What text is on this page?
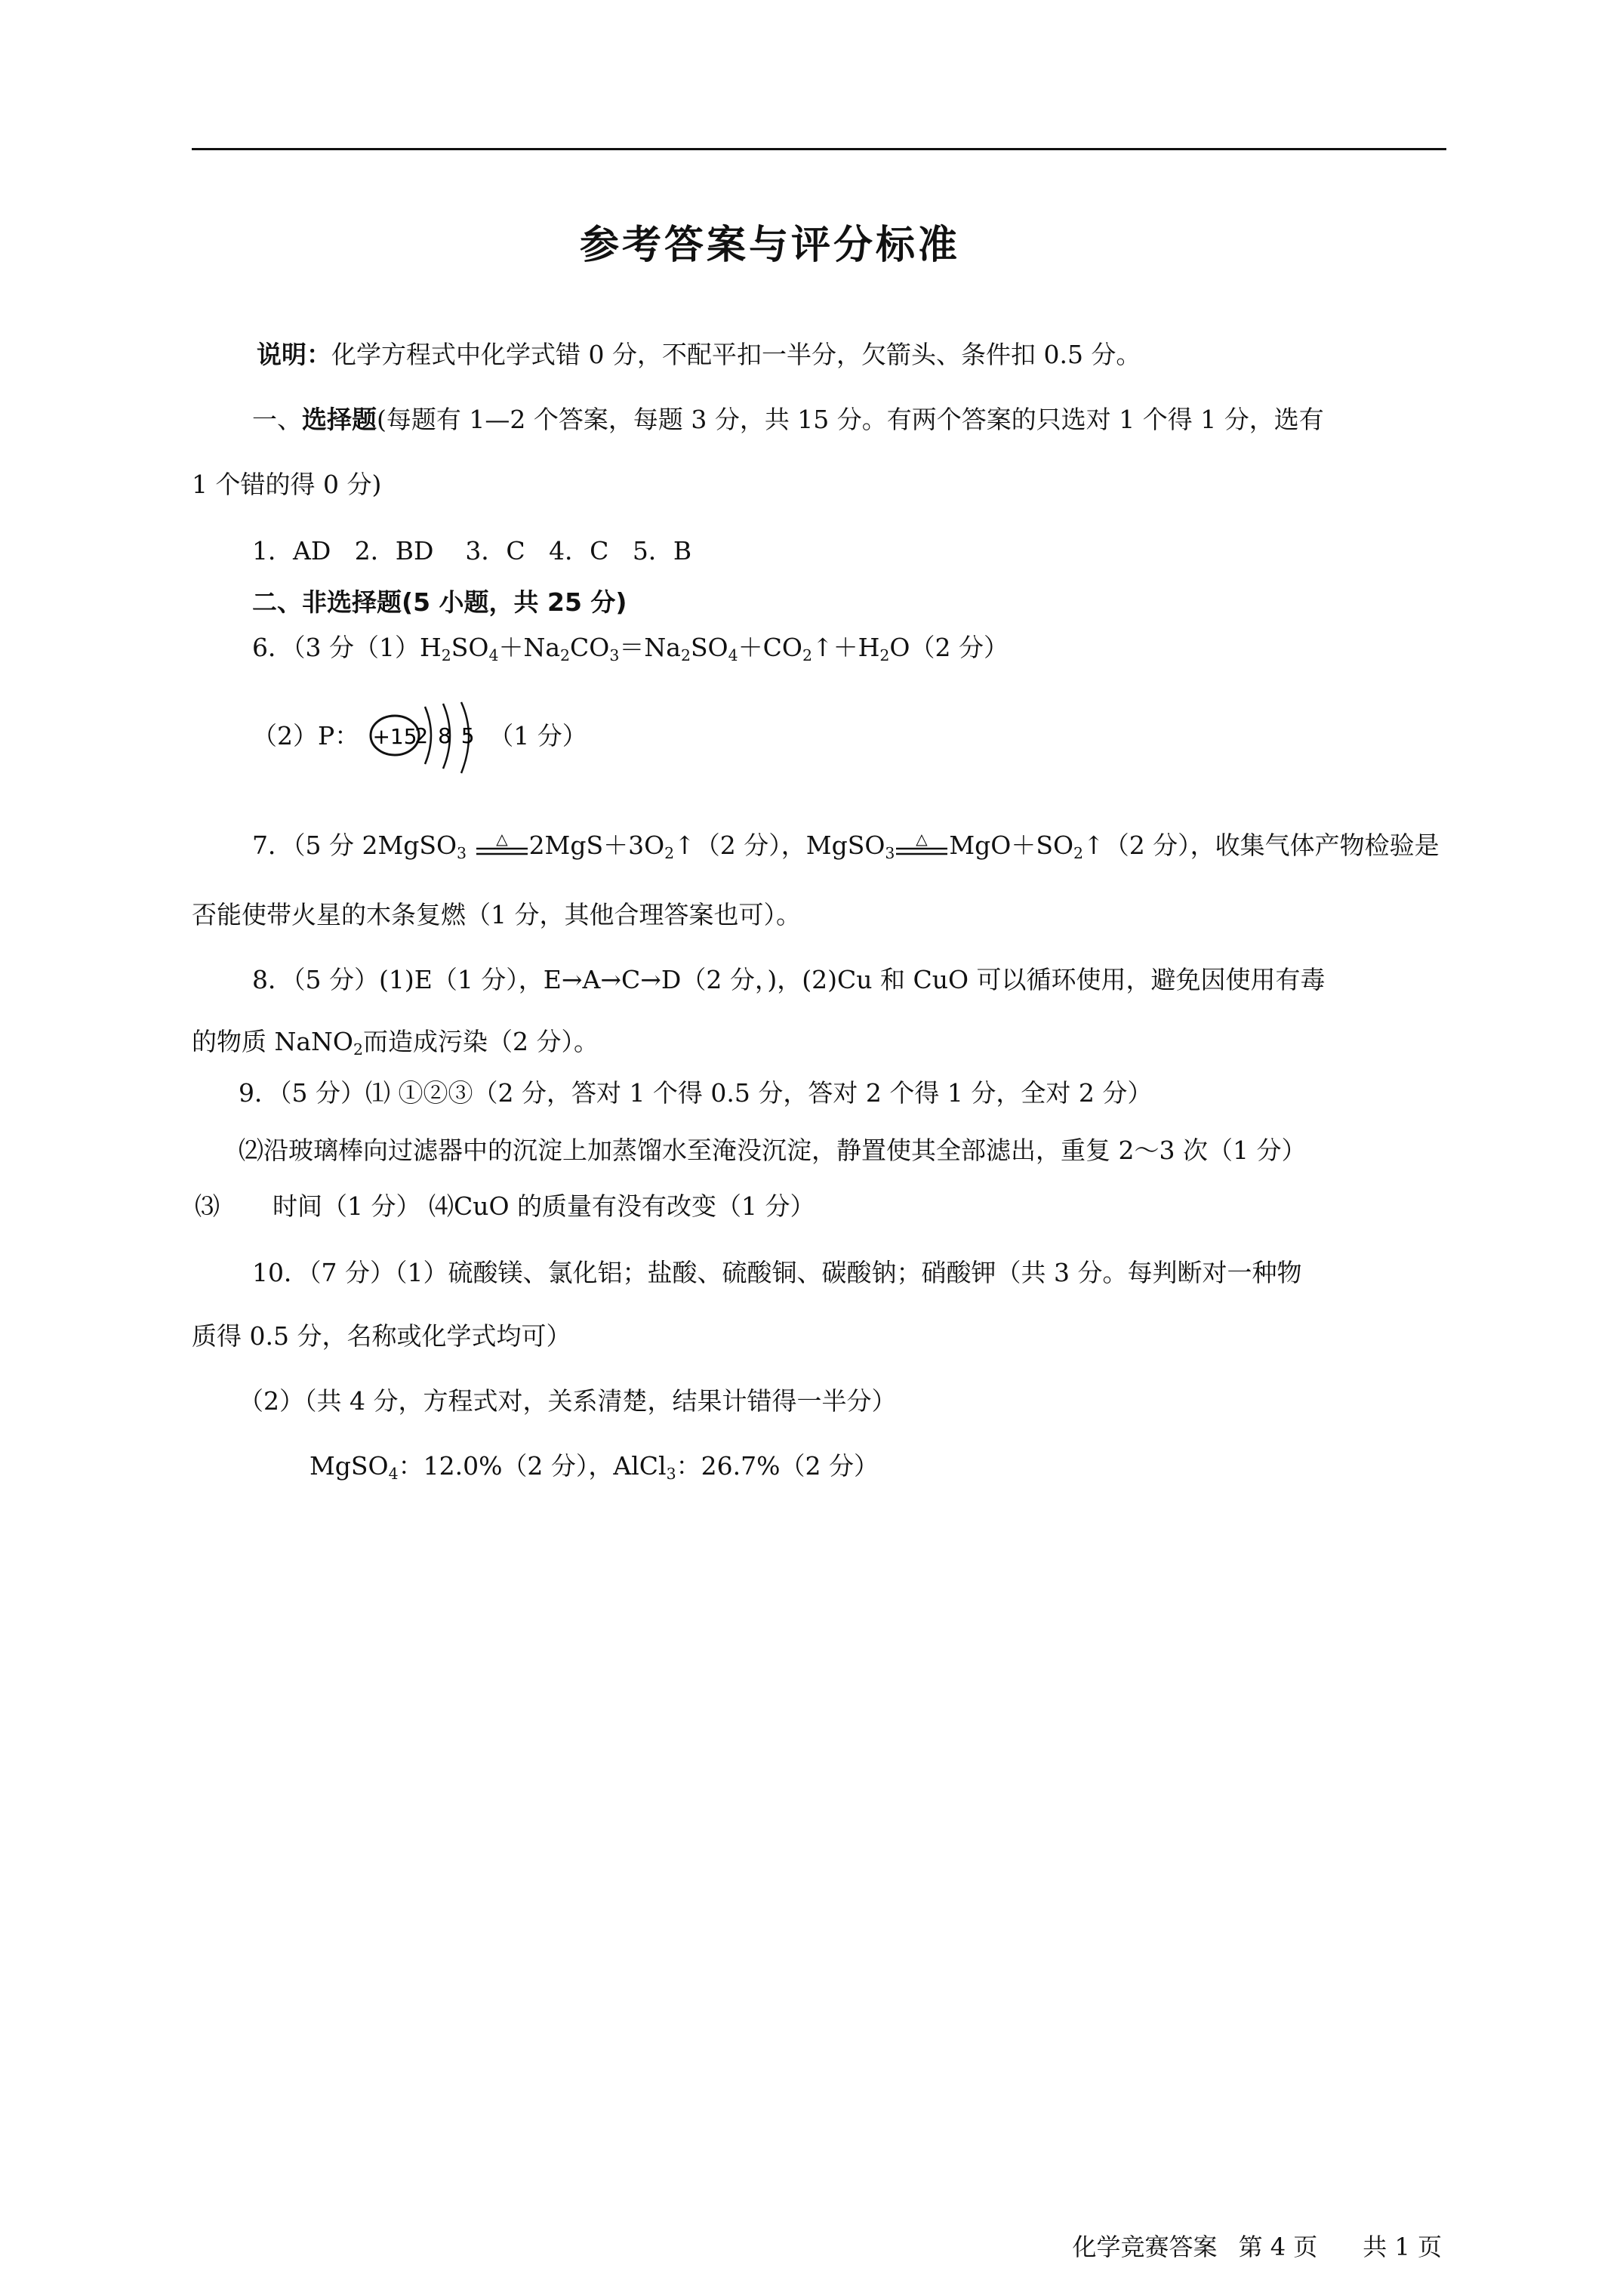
参考答案与评分标准
说明：化学方程式中化学式错 0 分，不配平扣一半分，欠箭头、条件扣 0.5 分。
一、选择题(每题有 1—2 个答案，每题 3 分，共 15 分。有两个答案的只选对 1 个得 1 分，选有
1 个错的得 0 分)
1．AD   2．BD    3．C   4．C   5．B
二、非选择题(5 小题，共 25 分)
6．（3 分$(1)H_2SO_4+Na_2CO_3=Na_2SO_4+CO_2↑+H_2O(2$ 分）
（2）P： +15
2 8 5 （1 分）
7．（5 分 2MgSO$_3$
△ $2MgS+3O_2↑(2$ 分），MgSO$_3$
△ $MgO+SO_2↑(2$ 分），收集气体产物检验是
否能使带火星的木条复燃（1 分，其他合理答案也可）。
8．（5 分）(1)E（1 分），E→A→C→D（2 分，)，(2)Cu 和 CuO 可以循环使用，避免因使用有毒
的物质 NaNO$_2$而造成污染（2 分）。
9．（5 分）⑴ ①②③（2 分，答对 1 个得 0.5 分，答对 2 个得 1 分，全对 2 分）
⑵沿玻璃棒向过滤器中的沉淀上加蒸馏水至淹没沉淀，静置使其全部滤出，重复 2～3 次（1 分）
⑶ 时间（1 分） ⑷CuO 的质量有没有改变（1 分）
10．（7 分）（1）硫酸镁、氯化铝；盐酸、硫酸铜、碳酸钠；硝酸钾（共 3 分。每判断对一种物
质得 0.5 分，名称或化学式均可）
（2）（共 4 分，方程式对，关系清楚，结果计错得一半分）
MgSO$_4$：12.0%（2 分），AlCl$_3$：26.7%（2 分）
化学竞赛答案 第 4 页 共 1 页
